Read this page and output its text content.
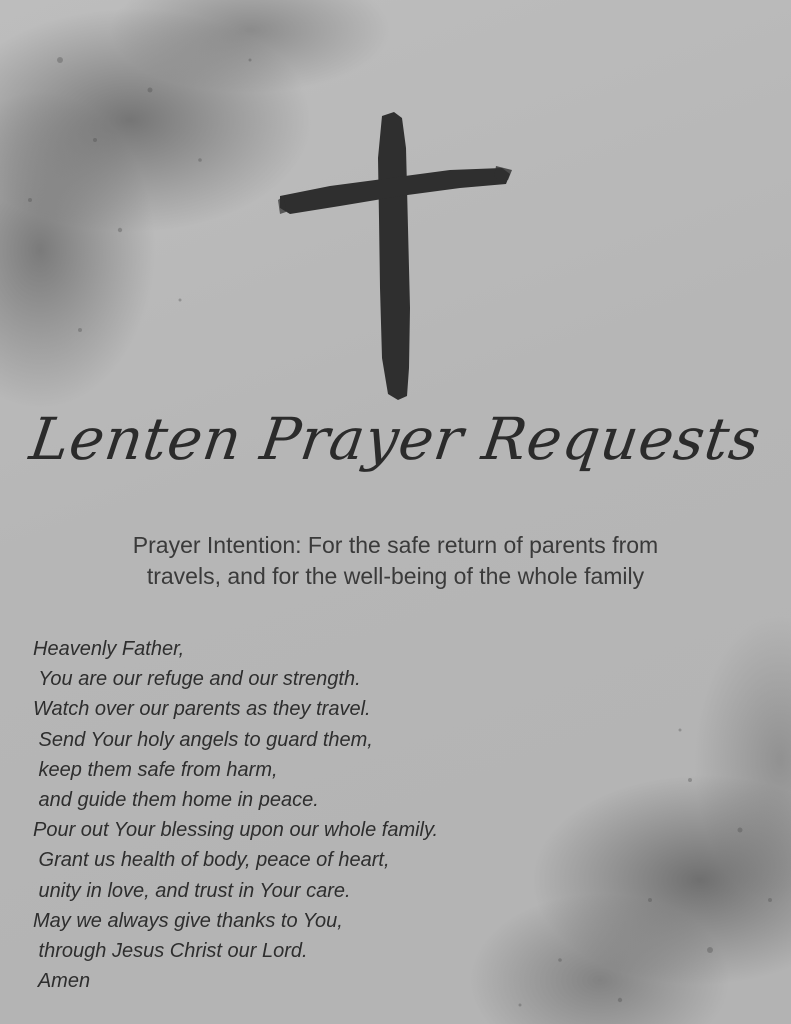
Lenten Prayer Requests
Prayer Intention: For the safe return of parents from
travels, and for the well-being of the whole family
Heavenly Father,
You are our refuge and our strength.
Watch over our parents as they travel.
Send Your holy angels to guard them,
keep them safe from harm,
and guide them home in peace.
Pour out Your blessing upon our whole family.
Grant us health of body, peace of heart,
unity in love, and trust in Your care.
May we always give thanks to You,
through Jesus Christ our Lord.
Amen
